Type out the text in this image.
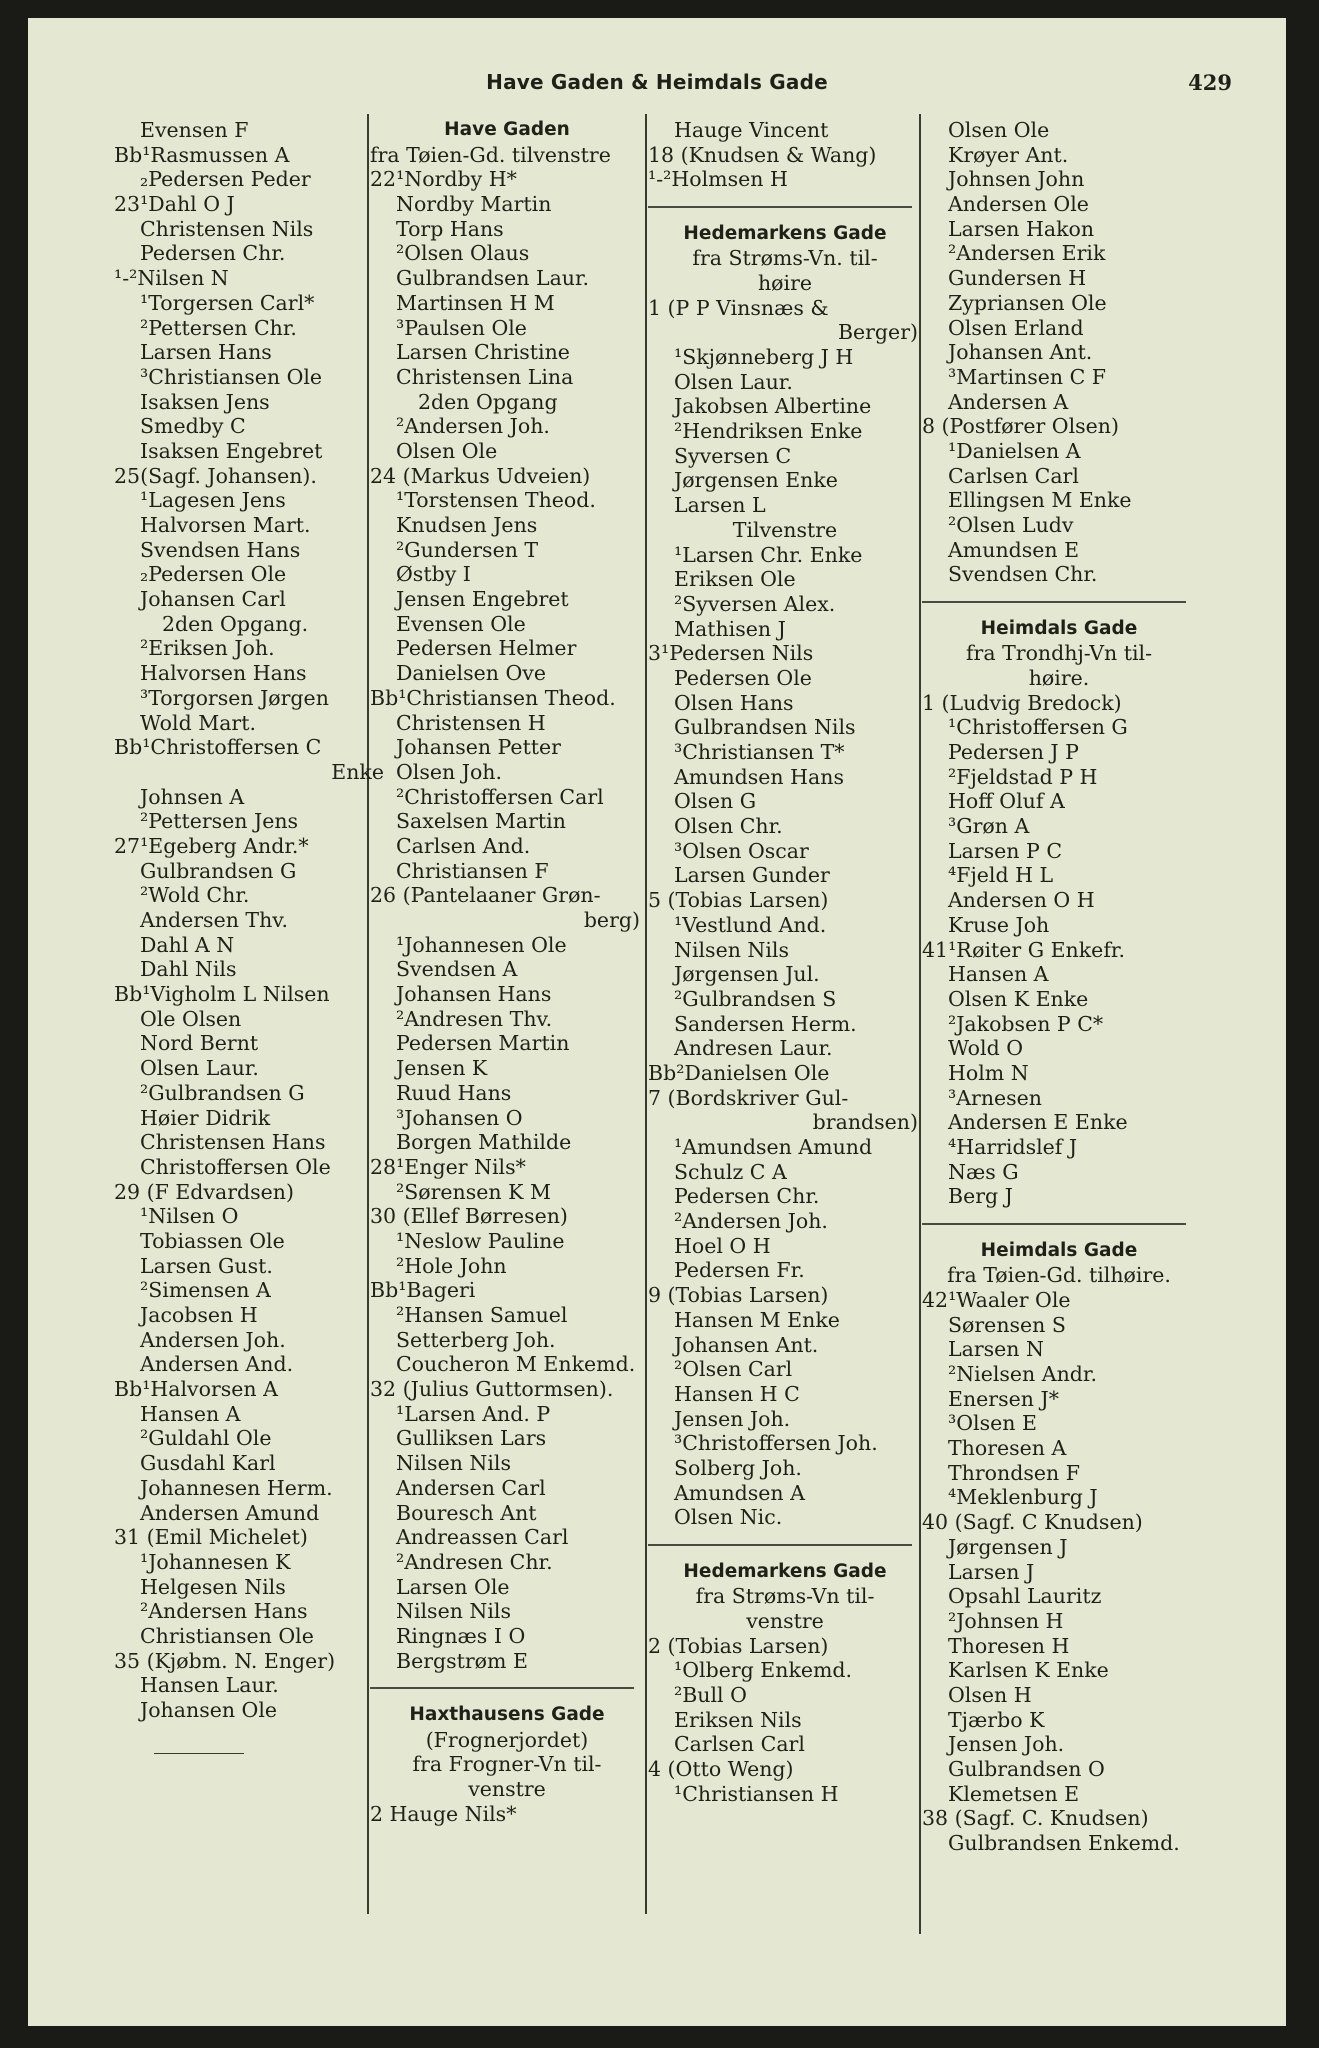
Have Gaden & Heimdals Gade	429
Evensen F
Bb¹Rasmussen A
₂Pedersen Peder
23¹Dahl O J
Christensen Nils
Pedersen Chr.
¹-²Nilsen N
¹Torgersen Carl*
²Pettersen Chr.
Larsen Hans
³Christiansen Ole
Isaksen Jens
Smedby C
Isaksen Engebret
25(Sagf. Johansen).
¹Lagesen Jens
Halvorsen Mart.
Svendsen Hans
₂Pedersen Ole
Johansen Carl
2den Opgang.
²Eriksen Joh.
Halvorsen Hans
³Torgorsen Jørgen
Wold Mart.
Bb¹Christoffersen C
Enke
Johnsen A
²Pettersen Jens
27¹Egeberg Andr.*
Gulbrandsen G
²Wold Chr.
Andersen Thv.
Dahl A N
Dahl Nils
Bb¹Vigholm L Nilsen
Ole Olsen
Nord Bernt
Olsen Laur.
²Gulbrandsen G
Høier Didrik
Christensen Hans
Christoffersen Ole
29 (F Edvardsen)
¹Nilsen O
Tobiassen Ole
Larsen Gust.
²Simensen A
Jacobsen H
Andersen Joh.
Andersen And.
Bb¹Halvorsen A
Hansen A
²Guldahl Ole
Gusdahl Karl
Johannesen Herm.
Andersen Amund
31 (Emil Michelet)
¹Johannesen K
Helgesen Nils
²Andersen Hans
Christiansen Ole
35 (Kjøbm. N. Enger)
Hansen Laur.
Johansen Ole
Have Gaden
fra Tøien-Gd. tilvenstre
22¹Nordby H*
Nordby Martin
Torp Hans
²Olsen Olaus
Gulbrandsen Laur.
Martinsen H M
³Paulsen Ole
Larsen Christine
Christensen Lina
2den Opgang
²Andersen Joh.
Olsen Ole
24 (Markus Udveien)
¹Torstensen Theod.
Knudsen Jens
²Gundersen T
Østby I
Jensen Engebret
Evensen Ole
Pedersen Helmer
Danielsen Ove
Bb¹Christiansen Theod.
Christensen H
Johansen Petter
Olsen Joh.
²Christoffersen Carl
Saxelsen Martin
Carlsen And.
Christiansen F
26 (Pantelaaner Grøn-
berg)
¹Johannesen Ole
Svendsen A
Johansen Hans
²Andresen Thv.
Pedersen Martin
Jensen K
Ruud Hans
³Johansen O
Borgen Mathilde
28¹Enger Nils*
²Sørensen K M
30 (Ellef Børresen)
¹Neslow Pauline
²Hole John
Bb¹Bageri
²Hansen Samuel
Setterberg Joh.
Coucheron M Enkemd.
32 (Julius Guttormsen).
¹Larsen And. P
Gulliksen Lars
Nilsen Nils
Andersen Carl
Bouresch Ant
Andreassen Carl
²Andresen Chr.
Larsen Ole
Nilsen Nils
Ringnæs I O
Bergstrøm E
Haxthausens Gade
(Frognerjordet)
fra Frogner-Vn til-
venstre
2 Hauge Nils*
Hauge Vincent
18 (Knudsen & Wang)
¹-²Holmsen H
Hedemarkens Gade
fra Strøms-Vn. til-
høire
1 (P P Vinsnæs &
Berger)
¹Skjønneberg J H
Olsen Laur.
Jakobsen Albertine
²Hendriksen Enke
Syversen C
Jørgensen Enke
Larsen L
Tilvenstre
¹Larsen Chr. Enke
Eriksen Ole
²Syversen Alex.
Mathisen J
3¹Pedersen Nils
Pedersen Ole
Olsen Hans
Gulbrandsen Nils
³Christiansen T*
Amundsen Hans
Olsen G
Olsen Chr.
³Olsen Oscar
Larsen Gunder
5 (Tobias Larsen)
¹Vestlund And.
Nilsen Nils
Jørgensen Jul.
²Gulbrandsen S
Sandersen Herm.
Andresen Laur.
Bb²Danielsen Ole
7 (Bordskriver Gul-
brandsen)
¹Amundsen Amund
Schulz C A
Pedersen Chr.
²Andersen Joh.
Hoel O H
Pedersen Fr.
9 (Tobias Larsen)
Hansen M Enke
Johansen Ant.
²Olsen Carl
Hansen H C
Jensen Joh.
³Christoffersen Joh.
Solberg Joh.
Amundsen A
Olsen Nic.
Hedemarkens Gade
fra Strøms-Vn til-
venstre
2 (Tobias Larsen)
¹Olberg Enkemd.
²Bull O
Eriksen Nils
Carlsen Carl
4 (Otto Weng)
¹Christiansen H
Olsen Ole
Krøyer Ant.
Johnsen John
Andersen Ole
Larsen Hakon
²Andersen Erik
Gundersen H
Zypriansen Ole
Olsen Erland
Johansen Ant.
³Martinsen C F
Andersen A
8 (Postfører Olsen)
¹Danielsen A
Carlsen Carl
Ellingsen M Enke
²Olsen Ludv
Amundsen E
Svendsen Chr.
Heimdals Gade
fra Trondhj-Vn til-
høire.
1 (Ludvig Bredock)
¹Christoffersen G
Pedersen J P
²Fjeldstad P H
Hoff Oluf A
³Grøn A
Larsen P C
⁴Fjeld H L
Andersen O H
Kruse Joh
41¹Røiter G Enkefr.
Hansen A
Olsen K Enke
²Jakobsen P C*
Wold O
Holm N
³Arnesen
Andersen E Enke
⁴Harridslef J
Næs G
Berg J
Heimdals Gade
fra Tøien-Gd. tilhøire.
42¹Waaler Ole
Sørensen S
Larsen N
²Nielsen Andr.
Enersen J*
³Olsen E
Thoresen A
Throndsen F
⁴Meklenburg J
40 (Sagf. C Knudsen)
Jørgensen J
Larsen J
Opsahl Lauritz
²Johnsen H
Thoresen H
Karlsen K Enke
Olsen H
Tjærbo K
Jensen Joh.
Gulbrandsen O
Klemetsen E
38 (Sagf. C. Knudsen)
Gulbrandsen Enkemd.
